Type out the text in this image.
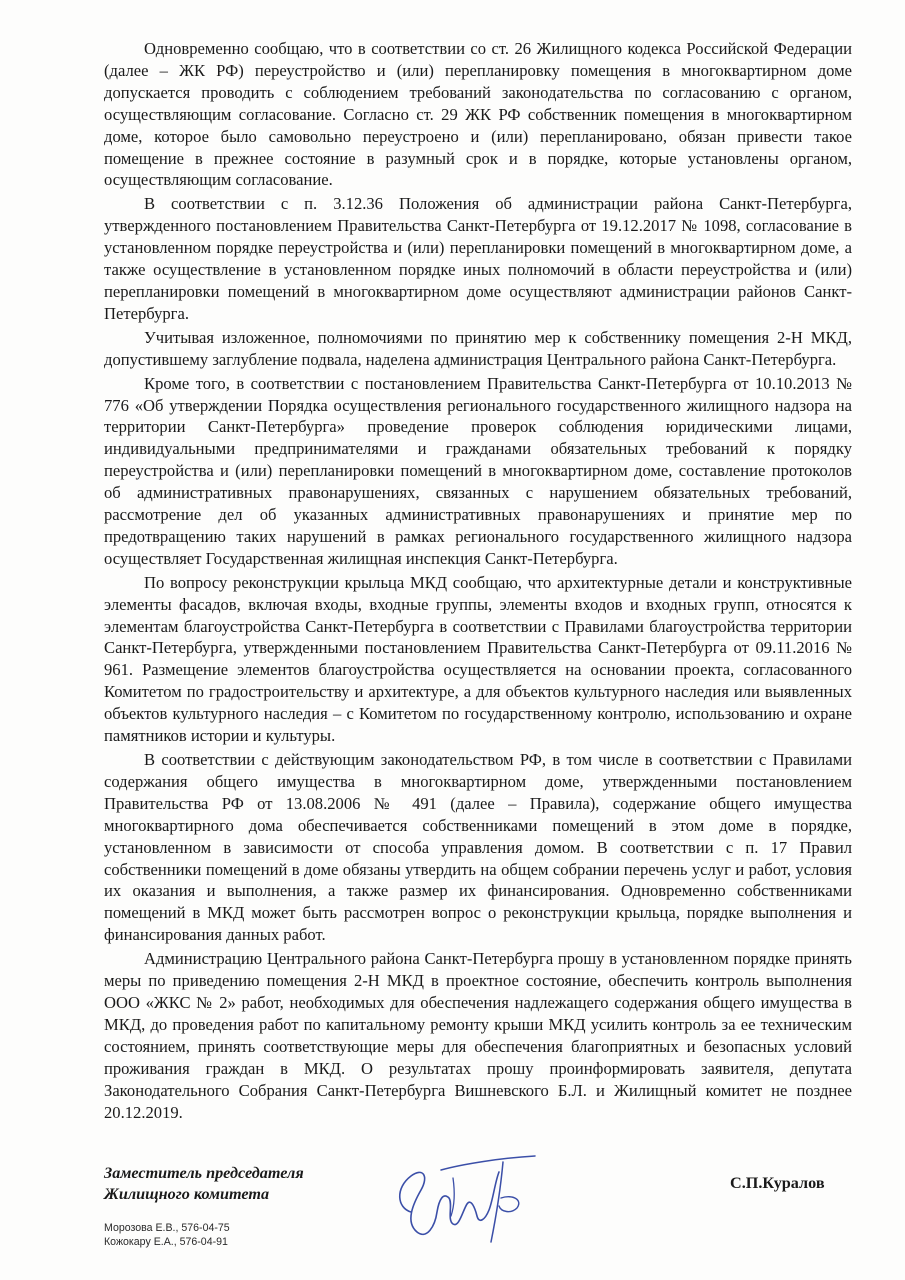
Одновременно сообщаю, что в соответствии со ст. 26 Жилищного кодекса Российской Федерации (далее – ЖК РФ) переустройство и (или) перепланировку помещения в многоквартирном доме допускается проводить с соблюдением требований законодательства по согласованию с органом, осуществляющим согласование. Согласно ст. 29 ЖК РФ собственник помещения в многоквартирном доме, которое было самовольно переустроено и (или) перепланировано, обязан привести такое помещение в прежнее состояние в разумный срок и в порядке, которые установлены органом, осуществляющим согласование.

В соответствии с п. 3.12.36 Положения об администрации района Санкт-Петербурга, утвержденного постановлением Правительства Санкт-Петербурга от 19.12.2017 № 1098, согласование в установленном порядке переустройства и (или) перепланировки помещений в многоквартирном доме, а также осуществление в установленном порядке иных полномочий в области переустройства и (или) перепланировки помещений в многоквартирном доме осуществляют администрации районов Санкт-Петербурга.

Учитывая изложенное, полномочиями по принятию мер к собственнику помещения 2-Н МКД, допустившему заглубление подвала, наделена администрация Центрального района Санкт-Петербурга.

Кроме того, в соответствии с постановлением Правительства Санкт-Петербурга от 10.10.2013 № 776 «Об утверждении Порядка осуществления регионального государственного жилищного надзора на территории Санкт-Петербурга» проведение проверок соблюдения юридическими лицами, индивидуальными предпринимателями и гражданами обязательных требований к порядку переустройства и (или) перепланировки помещений в многоквартирном доме, составление протоколов об административных правонарушениях, связанных с нарушением обязательных требований, рассмотрение дел об указанных административных правонарушениях и принятие мер по предотвращению таких нарушений в рамках регионального государственного жилищного надзора осуществляет Государственная жилищная инспекция Санкт-Петербурга.

По вопросу реконструкции крыльца МКД сообщаю, что архитектурные детали и конструктивные элементы фасадов, включая входы, входные группы, элементы входов и входных групп, относятся к элементам благоустройства Санкт-Петербурга в соответствии с Правилами благоустройства территории Санкт-Петербурга, утвержденными постановлением Правительства Санкт-Петербурга от 09.11.2016 № 961. Размещение элементов благоустройства осуществляется на основании проекта, согласованного Комитетом по градостроительству и архитектуре, а для объектов культурного наследия или выявленных объектов культурного наследия – с Комитетом по государственному контролю, использованию и охране памятников истории и культуры.

В соответствии с действующим законодательством РФ, в том числе в соответствии с Правилами содержания общего имущества в многоквартирном доме, утвержденными постановлением Правительства РФ от 13.08.2006 № 491 (далее – Правила), содержание общего имущества многоквартирного дома обеспечивается собственниками помещений в этом доме в порядке, установленном в зависимости от способа управления домом. В соответствии с п. 17 Правил собственники помещений в доме обязаны утвердить на общем собрании перечень услуг и работ, условия их оказания и выполнения, а также размер их финансирования. Одновременно собственниками помещений в МКД может быть рассмотрен вопрос о реконструкции крыльца, порядке выполнения и финансирования данных работ.

Администрацию Центрального района Санкт-Петербурга прошу в установленном порядке принять меры по приведению помещения 2-Н МКД в проектное состояние, обеспечить контроль выполнения ООО «ЖКС № 2» работ, необходимых для обеспечения надлежащего содержания общего имущества в МКД, до проведения работ по капитальному ремонту крыши МКД усилить контроль за ее техническим состоянием, принять соответствующие меры для обеспечения благоприятных и безопасных условий проживания граждан в МКД. О результатах прошу проинформировать заявителя, депутата Законодательного Собрания Санкт-Петербурга Вишневского Б.Л. и Жилищный комитет не позднее 20.12.2019.

Заместитель председателя
Жилищного комитета
С.П.Куралов
Морозова Е.В., 576-04-75
Кожокару Е.А., 576-04-91
